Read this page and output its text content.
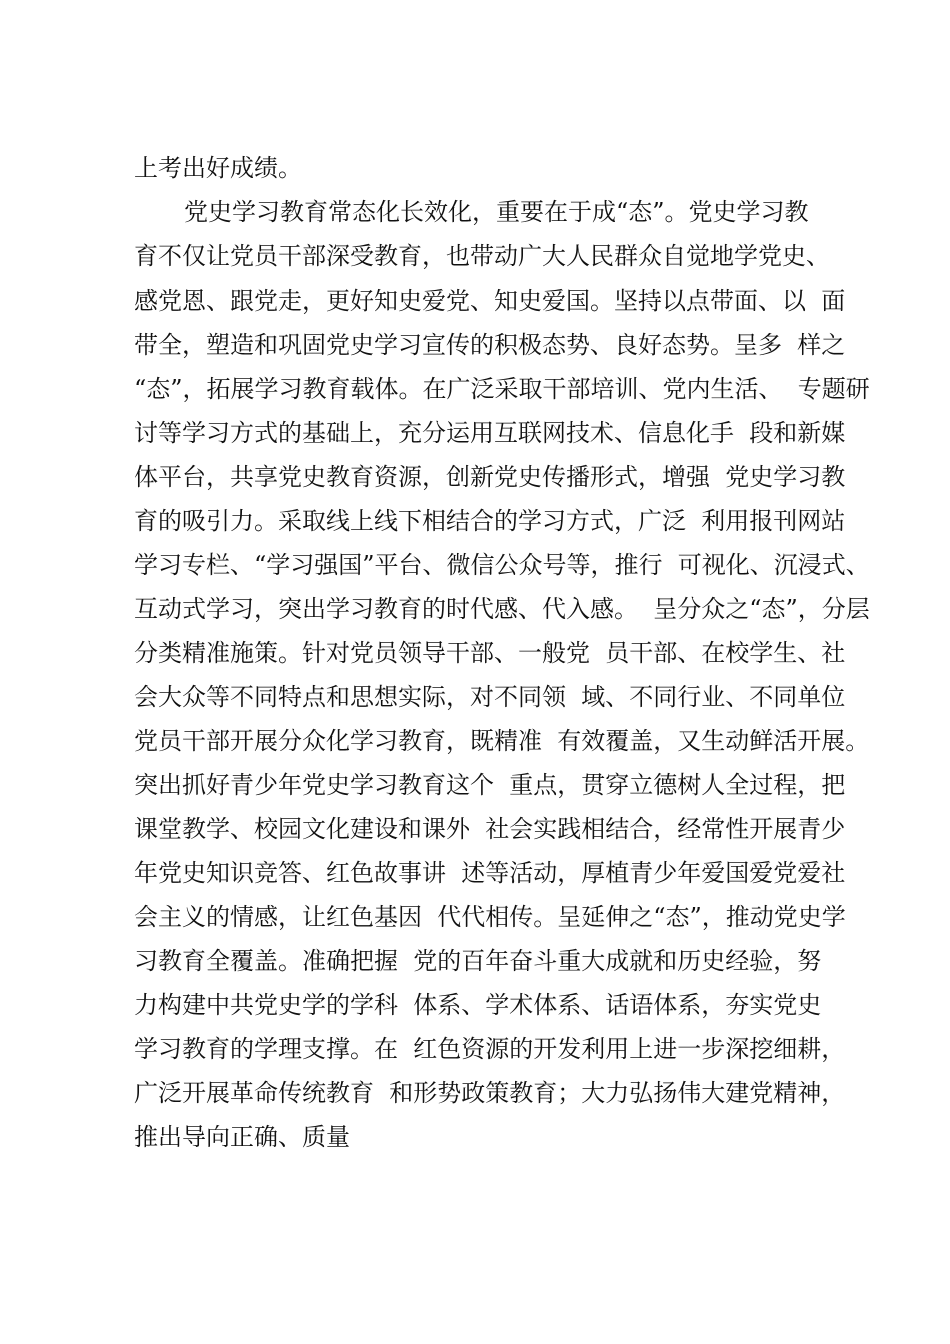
上考出好成绩。
党史学习教育常态化长效化，重要在于成“态”。党史学习教
育不仅让党员干部深受教育，也带动广大人民群众自觉地学党史、
感党恩、跟党走，更好知史爱党、知史爱国。坚持以点带面、以  面
带全，塑造和巩固党史学习宣传的积极态势、良好态势。呈多  样之
“态”，拓展学习教育载体。在广泛采取干部培训、党内生活、  专题研
讨等学习方式的基础上，充分运用互联网技术、信息化手  段和新媒
体平台，共享党史教育资源，创新党史传播形式，增强  党史学习教
育的吸引力。采取线上线下相结合的学习方式，广泛  利用报刊网站
学习专栏、“学习强国”平台、微信公众号等，推行  可视化、沉浸式、
互动式学习，突出学习教育的时代感、代入感。  呈分众之“态”，分层
分类精准施策。针对党员领导干部、一般党  员干部、在校学生、社
会大众等不同特点和思想实际，对不同领  域、不同行业、不同单位
党员干部开展分众化学习教育，既精准  有效覆盖，又生动鲜活开展。
突出抓好青少年党史学习教育这个  重点，贯穿立德树人全过程，把
课堂教学、校园文化建设和课外  社会实践相结合，经常性开展青少
年党史知识竞答、红色故事讲  述等活动，厚植青少年爱国爱党爱社
会主义的情感，让红色基因  代代相传。呈延伸之“态”，推动党史学
习教育全覆盖。准确把握  党的百年奋斗重大成就和历史经验，努
力构建中共党史学的学科  体系、学术体系、话语体系，夯实党史
学习教育的学理支撑。在  红色资源的开发利用上进一步深挖细耕，
广泛开展革命传统教育  和形势政策教育；大力弘扬伟大建党精神，
推出导向正确、质量
